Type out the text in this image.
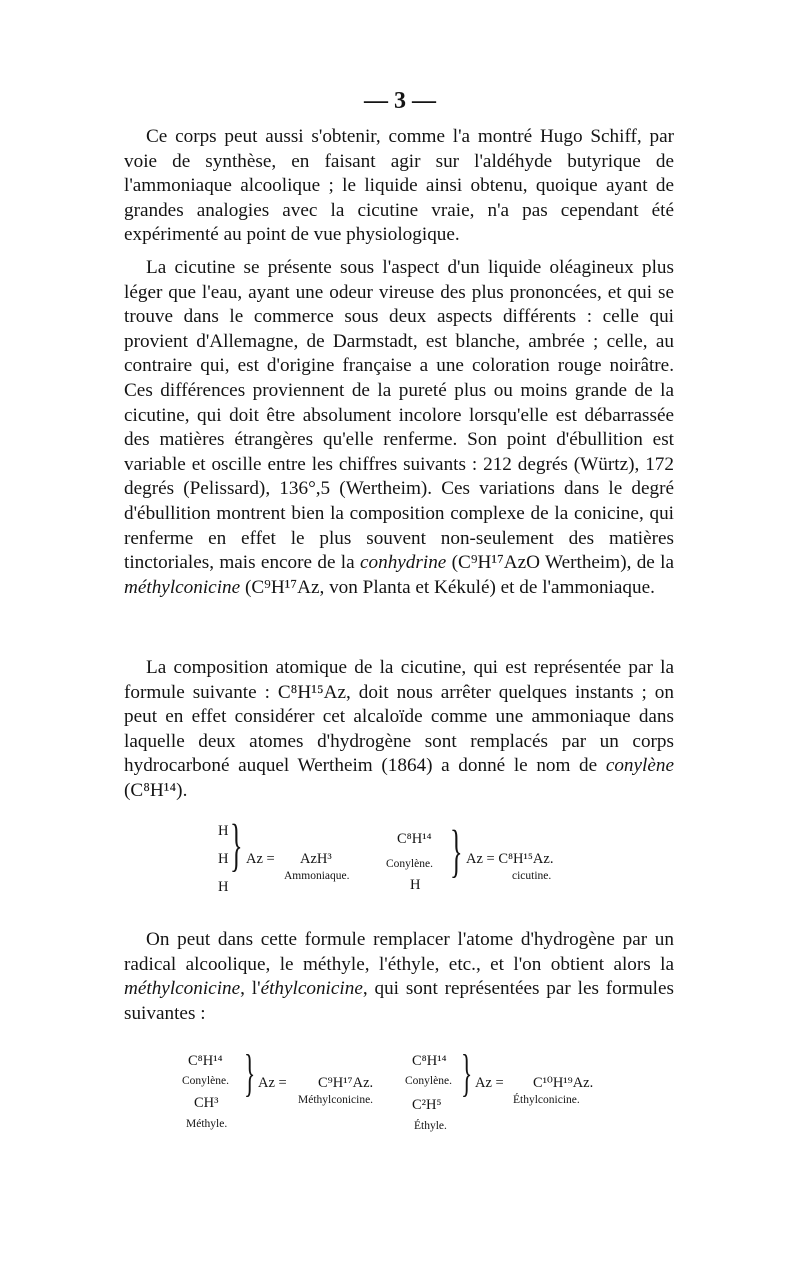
— 3 —

Ce corps peut aussi s'obtenir, comme l'a montré Hugo Schiff, par voie de synthèse, en faisant agir sur l'aldéhyde butyrique de l'ammoniaque alcoolique ; le liquide ainsi obtenu, quoique ayant de grandes analogies avec la cicutine vraie, n'a pas cependant été expérimenté au point de vue physiologique.

La cicutine se présente sous l'aspect d'un liquide oléagineux plus léger que l'eau, ayant une odeur vireuse des plus prononcées, et qui se trouve dans le commerce sous deux aspects différents : celle qui provient d'Allemagne, de Darmstadt, est blanche, ambrée ; celle, au contraire qui, est d'origine française a une coloration rouge noirâtre. Ces différences proviennent de la pureté plus ou moins grande de la cicutine, qui doit être absolument incolore lorsqu'elle est débarrassée des matières étrangères qu'elle renferme. Son point d'ébullition est variable et oscille entre les chiffres suivants : 212 degrés (Würtz), 172 degrés (Pelissard), 136°,5 (Wertheim). Ces variations dans le degré d'ébullition montrent bien la composition complexe de la conicine, qui renferme en effet le plus souvent non-seulement des matières tinctoriales, mais encore de la conhydrine (C⁹H¹⁷AzO Wertheim), de la méthylconicine (C⁹H¹⁷Az, von Planta et Kékulé) et de l'ammoniaque.

La composition atomique de la cicutine, qui est représentée par la formule suivante : C⁸H¹⁵Az, doit nous arrêter quelques instants ; on peut en effet considérer cet alcaloïde comme une ammoniaque dans laquelle deux atomes d'hydrogène sont remplacés par un corps hydrocarboné auquel Wertheim (1864) a donné le nom de conylène (C⁸H¹⁴).

H
H
H
} Az = AzH³
Ammoniaque.
C⁸H¹⁴
Conylène.
H
} Az = C⁸H¹⁵Az.
cicutine.

On peut dans cette formule remplacer l'atome d'hydrogène par un radical alcoolique, le méthyle, l'éthyle, etc., et l'on obtient alors la méthylconicine, l'éthylconicine, qui sont représentées par les formules suivantes :

C⁸H¹⁴
Conylène.
CH³
Méthyle.
} Az = C⁹H¹⁷Az.
Méthylconicine.
C⁸H¹⁴
Conylène.
C²H⁵
Éthyle.
} Az = C¹⁰H¹⁹Az.
Éthylconicine.
